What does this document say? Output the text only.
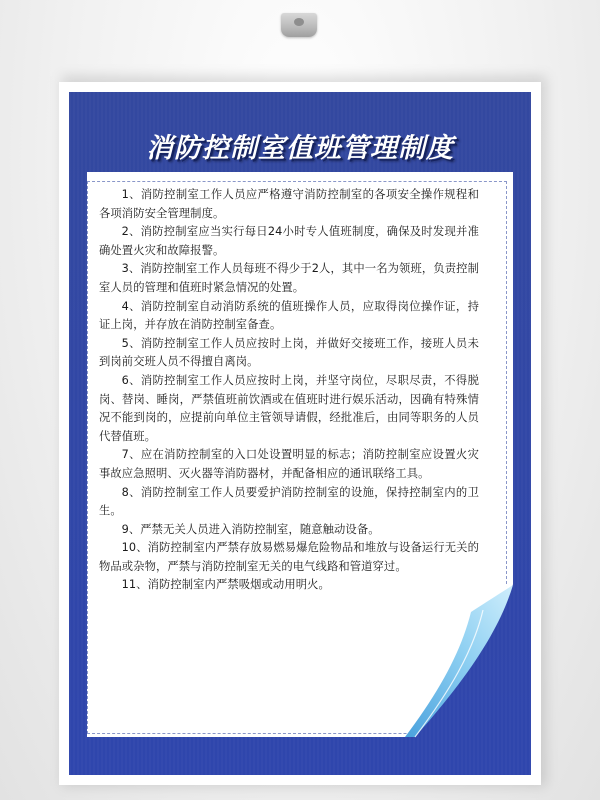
消防控制室值班管理制度
1、消防控制室工作人员应严格遵守消防控制室的各项安全操作规程和各项消防安全管理制度。
2、消防控制室应当实行每日24小时专人值班制度，确保及时发现并准确处置火灾和故障报警。
3、消防控制室工作人员每班不得少于2人，其中一名为领班，负责控制室人员的管理和值班时紧急情况的处置。
4、消防控制室自动消防系统的值班操作人员，应取得岗位操作证，持证上岗，并存放在消防控制室备查。
5、消防控制室工作人员应按时上岗，并做好交接班工作，接班人员未到岗前交班人员不得擅自离岗。
6、消防控制室工作人员应按时上岗，并坚守岗位，尽职尽责，不得脱岗、替岗、睡岗，严禁值班前饮酒或在值班时进行娱乐活动，因确有特殊情况不能到岗的，应提前向单位主管领导请假，经批准后，由同等职务的人员代替值班。
7、应在消防控制室的入口处设置明显的标志；消防控制室应设置火灾事故应急照明、灭火器等消防器材，并配备相应的通讯联络工具。
8、消防控制室工作人员要爱护消防控制室的设施，保持控制室内的卫生。
9、严禁无关人员进入消防控制室，随意触动设备。
10、消防控制室内严禁存放易燃易爆危险物品和堆放与设备运行无关的物品或杂物，严禁与消防控制室无关的电气线路和管道穿过。
11、消防控制室内严禁吸烟或动用明火。
